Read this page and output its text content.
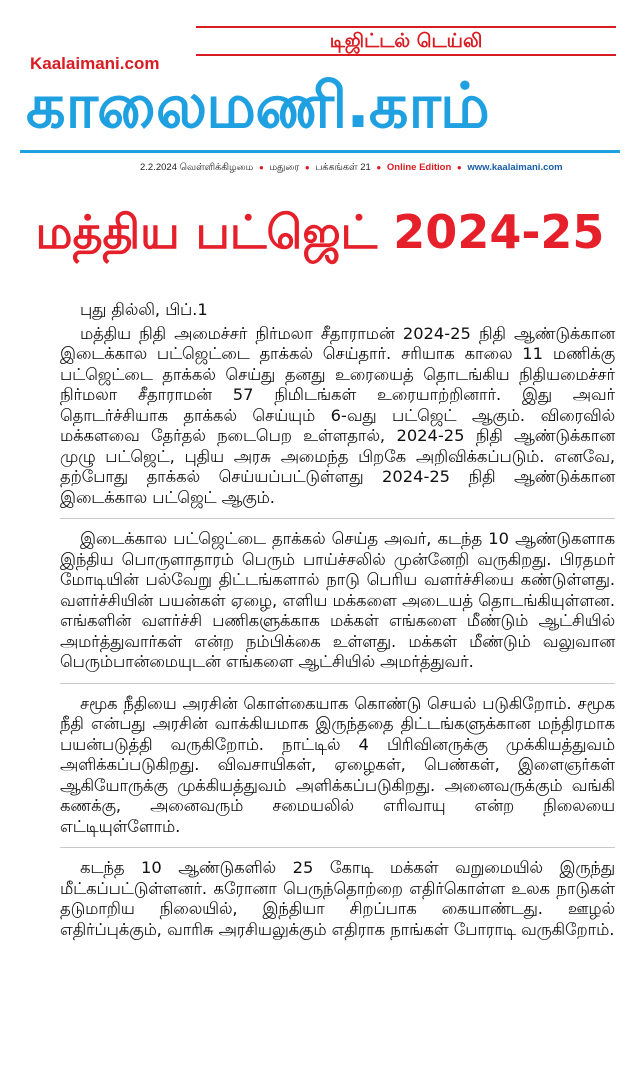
டிஜிட்டல் டெய்லி
Kaalaimani.com
காலைமணி.காம்
2.2.2024 வெள்ளிக்கிழமை ● மதுரை ● பக்கங்கள் 21 ● Online Edition ● www.kaalaimani.com
மத்திய பட்ஜெட் 2024-25
புது தில்லி, பிப்.1

மத்திய நிதி அமைச்சர் நிர்மலா சீதாராமன் 2024-25 நிதி ஆண்டுக்கான இடைக்கால பட்ஜெட்டை தாக்கல் செய்தார். சரியாக காலை 11 மணிக்கு பட்ஜெட்டை தாக்கல் செய்து தனது உரையைத் தொடங்கிய நிதியமைச்சர் நிர்மலா சீதாராமன் 57 நிமிடங்கள் உரையாற்றினார். இது அவர் தொடர்ச்சியாக தாக்கல் செய்யும் 6-வது பட்ஜெட் ஆகும். விரைவில் மக்களவை தேர்தல் நடைபெற உள்ளதால், 2024-25 நிதி ஆண்டுக்கான முழு பட்ஜெட், புதிய அரசு அமைந்த பிறகே அறிவிக்கப்படும். எனவே, தற்போது தாக்கல் செய்யப்பட்டுள்ளது 2024-25 நிதி ஆண்டுக்கான இடைக்கால பட்ஜெட் ஆகும்.

இடைக்கால பட்ஜெட்டை தாக்கல் செய்த அவர், கடந்த 10 ஆண்டுகளாக இந்திய பொருளாதாரம் பெரும் பாய்ச்சலில் முன்னேறி வருகிறது. பிரதமர் மோடியின் பல்வேறு திட்டங்களால் நாடு பெரிய வளர்ச்சியை கண்டுள்ளது. வளர்ச்சியின் பயன்கள் ஏழை, எளிய மக்களை அடையத் தொடங்கியுள்ளன. எங்களின் வளர்ச்சி பணிகளுக்காக மக்கள் எங்களை மீண்டும் ஆட்சியில் அமர்த்துவார்கள் என்ற நம்பிக்கை உள்ளது. மக்கள் மீண்டும் வலுவான பெரும்பான்மையுடன் எங்களை ஆட்சியில் அமர்த்துவர்.

சமூக நீதியை அரசின் கொள்கையாக கொண்டு செயல் படுகிறோம். சமூக நீதி என்பது அரசின் வாக்கியமாக இருந்ததை திட்டங்களுக்கான மந்திரமாக பயன்படுத்தி வருகிறோம். நாட்டில் 4 பிரிவினருக்கு முக்கியத்துவம் அளிக்கப்படுகிறது. விவசாயிகள், ஏழைகள், பெண்கள், இளைஞர்கள் ஆகியோருக்கு முக்கியத்துவம் அளிக்கப்படுகிறது. அனைவருக்கும் வங்கி கணக்கு, அனைவரும் சமையலில் எரிவாயு என்ற நிலையை எட்டியுள்ளோம்.

கடந்த 10 ஆண்டுகளில் 25 கோடி மக்கள் வறுமையில் இருந்து மீட்கப்பட்டுள்ளனர். கரோனா பெருந்தொற்றை எதிர்கொள்ள உலக நாடுகள் தடுமாறிய நிலையில், இந்தியா சிறப்பாக கையாண்டது. ஊழல் எதிர்ப்புக்கும், வாரிசு அரசியலுக்கும் எதிராக நாங்கள் போராடி வருகிறோம்.
